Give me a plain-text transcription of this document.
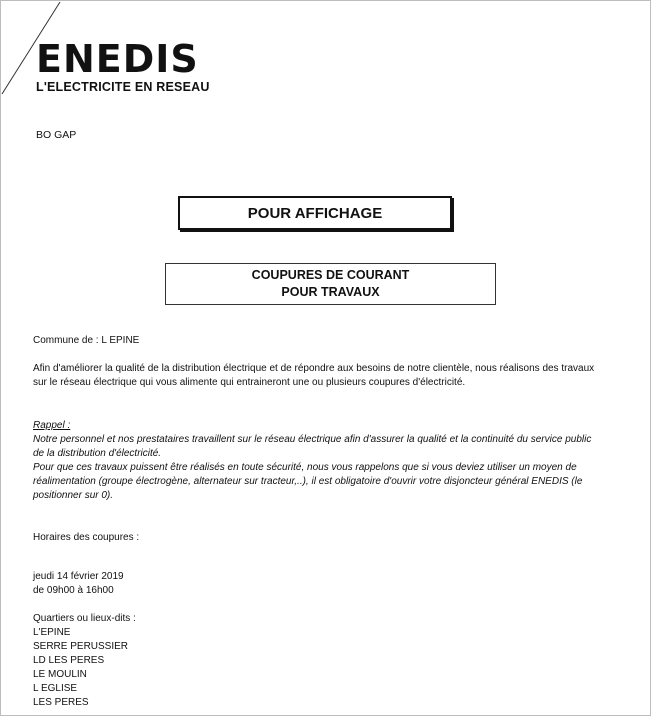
ENEDIS
L'ELECTRICITE EN RESEAU
BO GAP
POUR AFFICHAGE
COUPURES DE COURANT
POUR TRAVAUX
Commune de : L EPINE
Afin d'améliorer la qualité de la distribution électrique et de répondre aux besoins de notre clientèle, nous réalisons des travaux sur le réseau électrique qui vous alimente qui entraineront une ou plusieurs coupures d'électricité.
Rappel :
Notre personnel et nos prestataires travaillent sur le réseau électrique afin d'assurer la qualité et la continuité du service public de la distribution d'électricité.
Pour que ces travaux puissent être réalisés en toute sécurité, nous vous rappelons que si vous deviez utiliser un moyen de réalimentation (groupe électrogène, alternateur sur tracteur,..), il est obligatoire d'ouvrir votre disjoncteur général ENEDIS (le positionner sur 0).
Horaires des coupures :
jeudi 14 février 2019
de 09h00 à 16h00
Quartiers ou lieux-dits :
L'EPINE
SERRE PERUSSIER
LD LES PERES
LE MOULIN
L EGLISE
LES PERES
